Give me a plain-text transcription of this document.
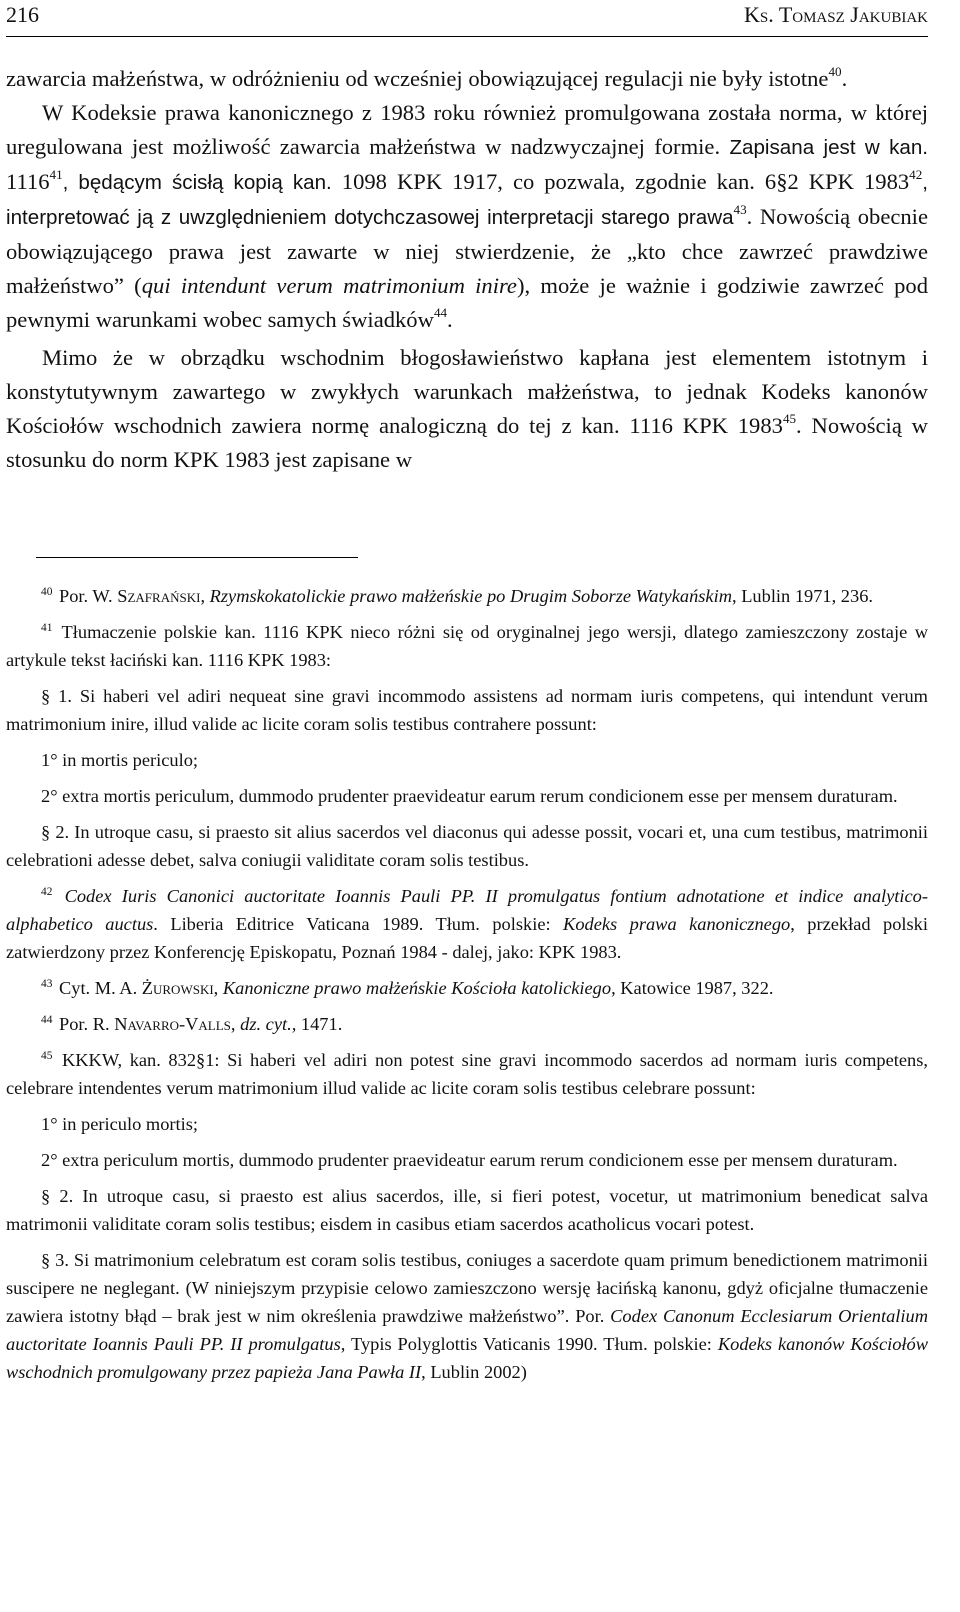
216	Ks. Tomasz Jakubiak

zawarcia małżeństwa, w odróżnieniu od wcześniej obowiązującej regulacji nie były istotne$^{40}$.

W Kodeksie prawa kanonicznego z 1983 roku również promulgowana została norma, w której uregulowana jest możliwość zawarcia małżeństwa w nadzwyczajnej formie. Zapisana jest w kan. 1116$^{41}$, będącym ścisłą kopią kan. 1098 KPK 1917, co pozwala, zgodnie kan. 6§2 KPK 1983$^{42}$, interpretować ją z uwzględnieniem dotychczasowej interpretacji starego prawa$^{43}$. Nowością obecnie obowiązującego prawa jest zawarte w niej stwierdzenie, że „kto chce zawrzeć prawdziwe małżeństwo” (qui intendunt verum matrimonium inire), może je ważnie i godziwie zawrzeć pod pewnymi warunkami wobec samych świadków$^{44}$.

Mimo że w obrządku wschodnim błogosławieństwo kapłana jest elementem istotnym i konstytutywnym zawartego w zwykłych warunkach małżeństwa, to jednak Kodeks kanonów Kościołów wschodnich zawiera normę analogiczną do tej z kan. 1116 KPK 1983$^{45}$. Nowością w stosunku do norm KPK 1983 jest zapisane w

$^{40}$ Por. W. Szafrański, Rzymskokatolickie prawo małżeńskie po Drugim Soborze Watykańskim, Lublin 1971, 236.

$^{41}$ Tłumaczenie polskie kan. 1116 KPK nieco różni się od oryginalnej jego wersji, dlatego zamieszczony zostaje w artykule tekst łaciński kan. 1116 KPK 1983:

§ 1. Si haberi vel adiri nequeat sine gravi incommodo assistens ad normam iuris competens, qui intendunt verum matrimonium inire, illud valide ac licite coram solis testibus contrahere possunt:

1° in mortis periculo;

2° extra mortis periculum, dummodo prudenter praevideatur earum rerum condicionem esse per mensem duraturam.

§ 2. In utroque casu, si praesto sit alius sacerdos vel diaconus qui adesse possit, vocari et, una cum testibus, matrimonii celebrationi adesse debet, salva coniugii validitate coram solis testibus.

$^{42}$ Codex Iuris Canonici auctoritate Ioannis Pauli PP. II promulgatus fontium adnotatione et indice analytico-alphabetico auctus. Liberia Editrice Vaticana 1989. Tłum. polskie: Kodeks prawa kanonicznego, przekład polski zatwierdzony przez Konferencję Episkopatu, Poznań 1984 - dalej, jako: KPK 1983.

$^{43}$ Cyt. M. A. Żurowski, Kanoniczne prawo małżeńskie Kościoła katolickiego, Katowice 1987, 322.

$^{44}$ Por. R. Navarro-Valls, dz. cyt., 1471.

$^{45}$ KKKW, kan. 832§1: Si haberi vel adiri non potest sine gravi incommodo sacerdos ad normam iuris competens, celebrare intendentes verum matrimonium illud valide ac licite coram solis testibus celebrare possunt:

1° in periculo mortis;

2° extra periculum mortis, dummodo prudenter praevideatur earum rerum condicionem esse per mensem duraturam.

§ 2. In utroque casu, si praesto est alius sacerdos, ille, si fieri potest, vocetur, ut matrimonium benedicat salva matrimonii validitate coram solis testibus; eisdem in casibus etiam sacerdos acatholicus vocari potest.

§ 3. Si matrimonium celebratum est coram solis testibus, coniuges a sacerdote quam primum benedictionem matrimonii suscipere ne neglegant. (W niniejszym przypisie celowo zamieszczono wersję łacińską kanonu, gdyż oficjalne tłumaczenie zawiera istotny błąd – brak jest w nim określenia prawdziwe małżeństwo”. Por. Codex Canonum Ecclesiarum Orientalium auctoritate Ioannis Pauli PP. II promulgatus, Typis Polyglottis Vaticanis 1990. Tłum. polskie: Kodeks kanonów Kościołów wschodnich promulgowany przez papieża Jana Pawła II, Lublin 2002)
